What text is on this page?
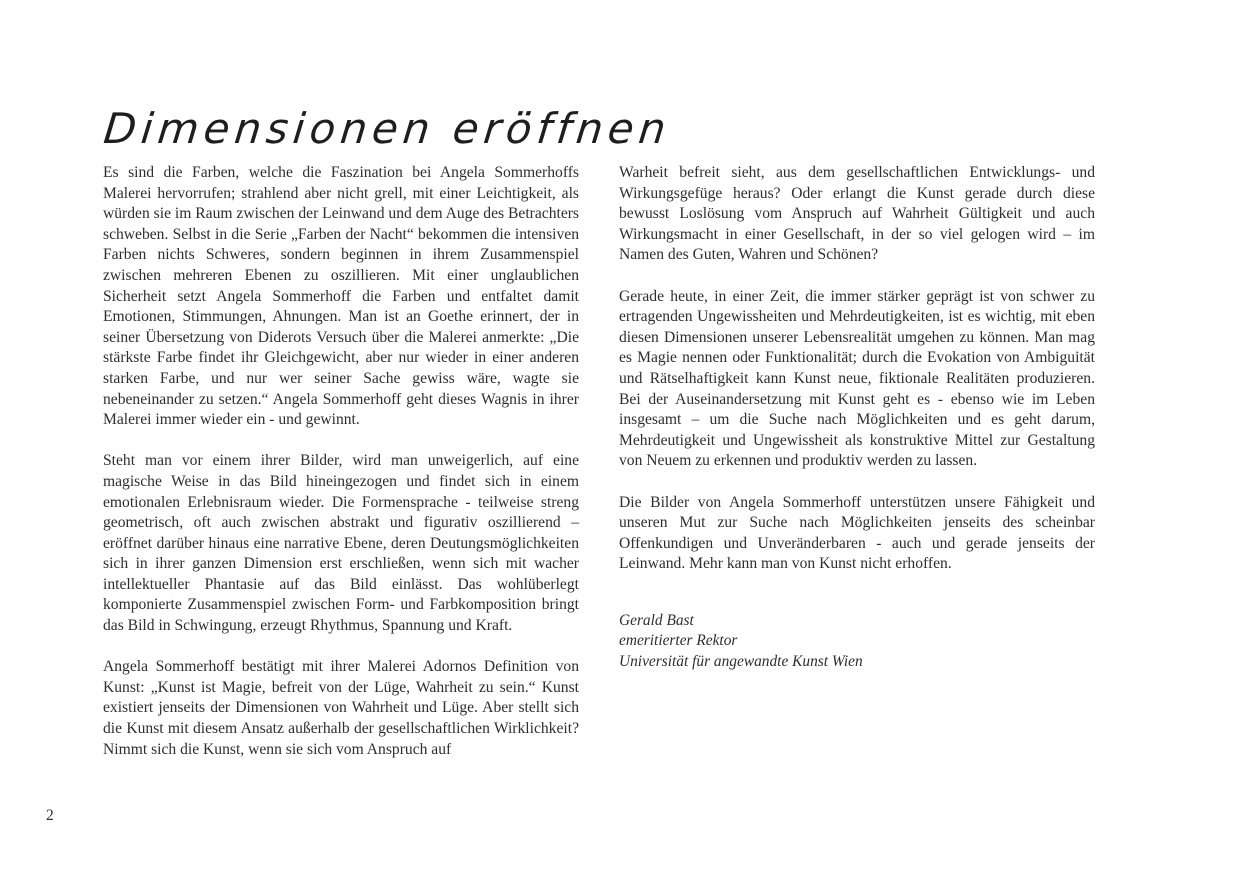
Dimensionen eröffnen

Es sind die Farben, welche die Faszination bei Angela Sommerhoffs Malerei hervorrufen; strahlend aber nicht grell, mit einer Leichtigkeit, als würden sie im Raum zwischen der Leinwand und dem Auge des Betrachters schweben. Selbst in die Serie „Farben der Nacht“ bekommen die intensiven Farben nichts Schweres, sondern beginnen in ihrem Zusammenspiel zwischen mehreren Ebenen zu oszillieren. Mit einer unglaublichen Sicherheit setzt Angela Sommerhoff die Farben und entfaltet damit Emotionen, Stimmungen, Ahnungen. Man ist an Goethe erinnert, der in seiner Übersetzung von Diderots Versuch über die Malerei anmerkte: „Die stärkste Farbe findet ihr Gleichgewicht, aber nur wieder in einer anderen starken Farbe, und nur wer seiner Sache gewiss wäre, wagte sie nebeneinander zu setzen.“ Angela Sommerhoff geht dieses Wagnis in ihrer Malerei immer wieder ein - und gewinnt.

Steht man vor einem ihrer Bilder, wird man unweigerlich, auf eine magische Weise in das Bild hineingezogen und findet sich in einem emotionalen Erlebnisraum wieder. Die Formensprache - teilweise streng geometrisch, oft auch zwischen abstrakt und figurativ oszillierend – eröffnet darüber hinaus eine narrative Ebene, deren Deutungsmöglichkeiten sich in ihrer ganzen Dimension erst erschließen, wenn sich mit wacher intellektueller Phantasie auf das Bild einlässt. Das wohlüberlegt komponierte Zusammenspiel zwischen Form- und Farbkomposition bringt das Bild in Schwingung, erzeugt Rhythmus, Spannung und Kraft.

Angela Sommerhoff bestätigt mit ihrer Malerei Adornos Definition von Kunst: „Kunst ist Magie, befreit von der Lüge, Wahrheit zu sein.“ Kunst existiert jenseits der Dimensionen von Wahrheit und Lüge. Aber stellt sich die Kunst mit diesem Ansatz außerhalb der gesellschaftlichen Wirklichkeit? Nimmt sich die Kunst, wenn sie sich vom Anspruch auf

Warheit befreit sieht, aus dem gesellschaftlichen Entwicklungs- und Wirkungsgefüge heraus? Oder erlangt die Kunst gerade durch diese bewusst Loslösung vom Anspruch auf Wahrheit Gültigkeit und auch Wirkungsmacht in einer Gesellschaft, in der so viel gelogen wird – im Namen des Guten, Wahren und Schönen?

Gerade heute, in einer Zeit, die immer stärker geprägt ist von schwer zu ertragenden Ungewissheiten und Mehrdeutigkeiten, ist es wichtig, mit eben diesen Dimensionen unserer Lebensrealität umgehen zu können. Man mag es Magie nennen oder Funktionalität; durch die Evokation von Ambiguität und Rätselhaftigkeit kann Kunst neue, fiktionale Realitäten produzieren. Bei der Auseinandersetzung mit Kunst geht es - ebenso wie im Leben insgesamt – um die Suche nach Möglichkeiten und es geht darum, Mehrdeutigkeit und Ungewissheit als konstruktive Mittel zur Gestaltung von Neuem zu erkennen und produktiv werden zu lassen.

Die Bilder von Angela Sommerhoff unterstützen unsere Fähigkeit und unseren Mut zur Suche nach Möglichkeiten jenseits des scheinbar Offenkundigen und Unveränderbaren - auch und gerade jenseits der Leinwand. Mehr kann man von Kunst nicht erhoffen.

Gerald Bast
emeritierter Rektor
Universität für angewandte Kunst Wien
2
